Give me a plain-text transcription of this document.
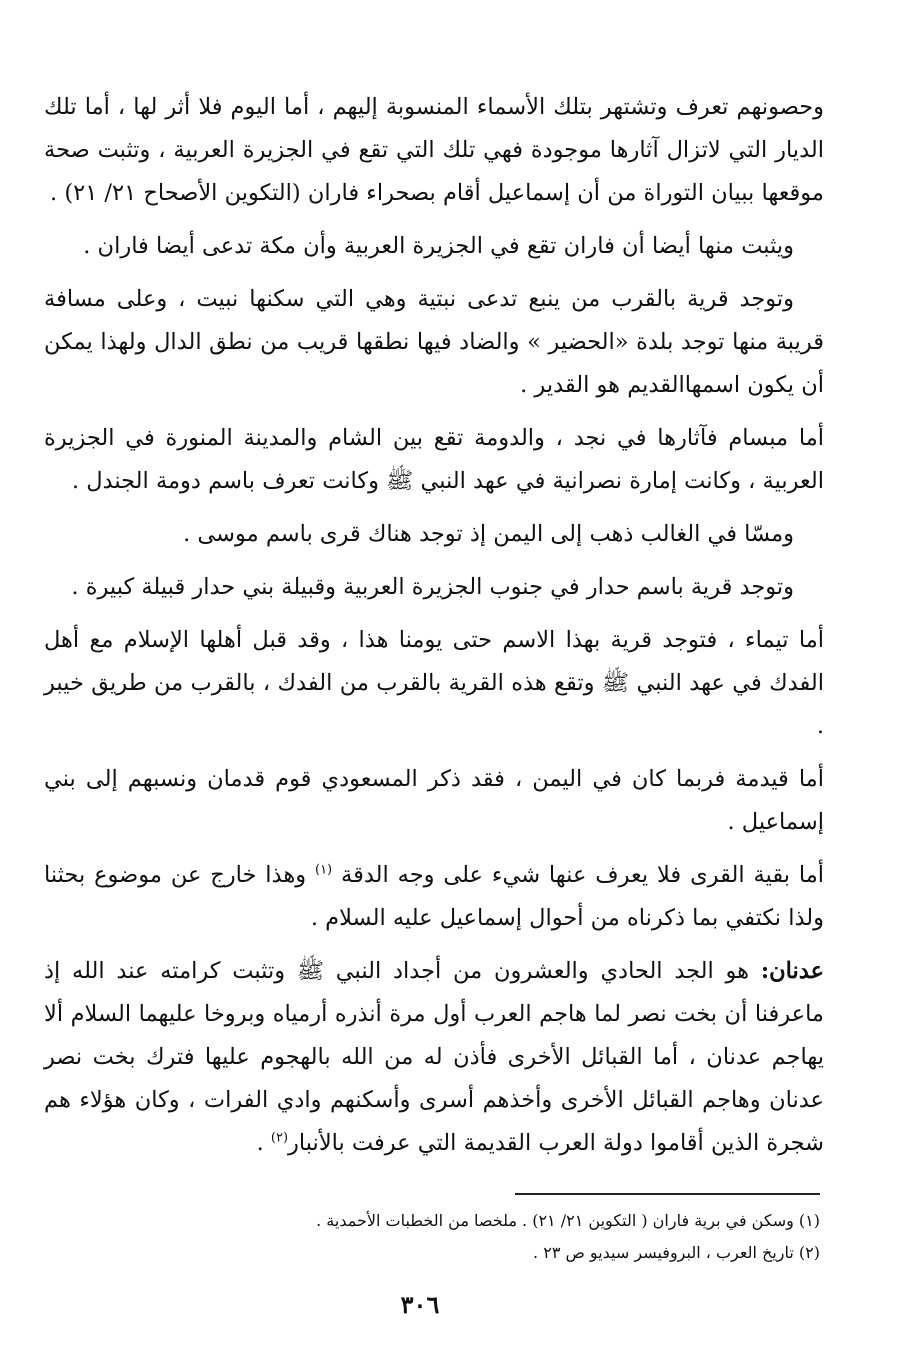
وحصونهم تعرف وتشتهر بتلك الأسماء المنسوبة إليهم ، أما اليوم فلا أثر لها ، أما تلك الديار التي لاتزال آثارها موجودة فهي تلك التي تقع في الجزيرة العربية ، وتثبت صحة موقعها ببيان التوراة من أن إسماعيل أقام بصحراء فاران (التكوين الأصحاح ٢١/ ٢١) .

ويثبت منها أيضا أن فاران تقع في الجزيرة العربية وأن مكة تدعى أيضا فاران .

وتوجد قرية بالقرب من ينبع تدعى نبتية وهي التي سكنها نبيت ، وعلى مسافة قريبة منها توجد بلدة «الحضير » والضاد فيها نطقها قريب من نطق الدال ولهذا يمكن أن يكون اسمهاالقديم هو القدير .

أما مبسام فآثارها في نجد ، والدومة تقع بين الشام والمدينة المنورة في الجزيرة العربية ، وكانت إمارة نصرانية في عهد النبي ﷺ وكانت تعرف باسم دومة الجندل .

ومسّا في الغالب ذهب إلى اليمن إذ توجد هناك قرى باسم موسى .

وتوجد قرية باسم حدار في جنوب الجزيرة العربية وقبيلة بني حدار قبيلة كبيرة .

أما تيماء ، فتوجد قرية بهذا الاسم حتى يومنا هذا ، وقد قبل أهلها الإسلام مع أهل الفدك في عهد النبي ﷺ وتقع هذه القرية بالقرب من الفدك ، بالقرب من طريق خيبر .

أما قيدمة فربما كان في اليمن ، فقد ذكر المسعودي قوم قدمان ونسبهم إلى بني إسماعيل .

أما بقية القرى فلا يعرف عنها شيء على وجه الدقة $^{(١)}$ وهذا خارج عن موضوع بحثنا ولذا نكتفي بما ذكرناه من أحوال إسماعيل عليه السلام .

عدنان: هو الجد الحادي والعشرون من أجداد النبي ﷺ وتثبت كرامته عند الله إذ ماعرفنا أن بخت نصر لما هاجم العرب أول مرة أنذره أرمياه وبروخا عليهما السلام ألا يهاجم عدنان ، أما القبائل الأخرى فأذن له من الله بالهجوم عليها فترك بخت نصر عدنان وهاجم القبائل الأخرى وأخذهم أسرى وأسكنهم وادي الفرات ، وكان هؤلاء هم شجرة الذين أقاموا دولة العرب القديمة التي عرفت بالأنبار$^{(٢)}$ .

(١) وسكن في برية فاران ( التكوين ٢١/ ٢١) . ملخصا من الخطبات الأحمدية .

(٢) تاريخ العرب ، البروفيسر سيديو ص ٢٣ .

٣٠٦
